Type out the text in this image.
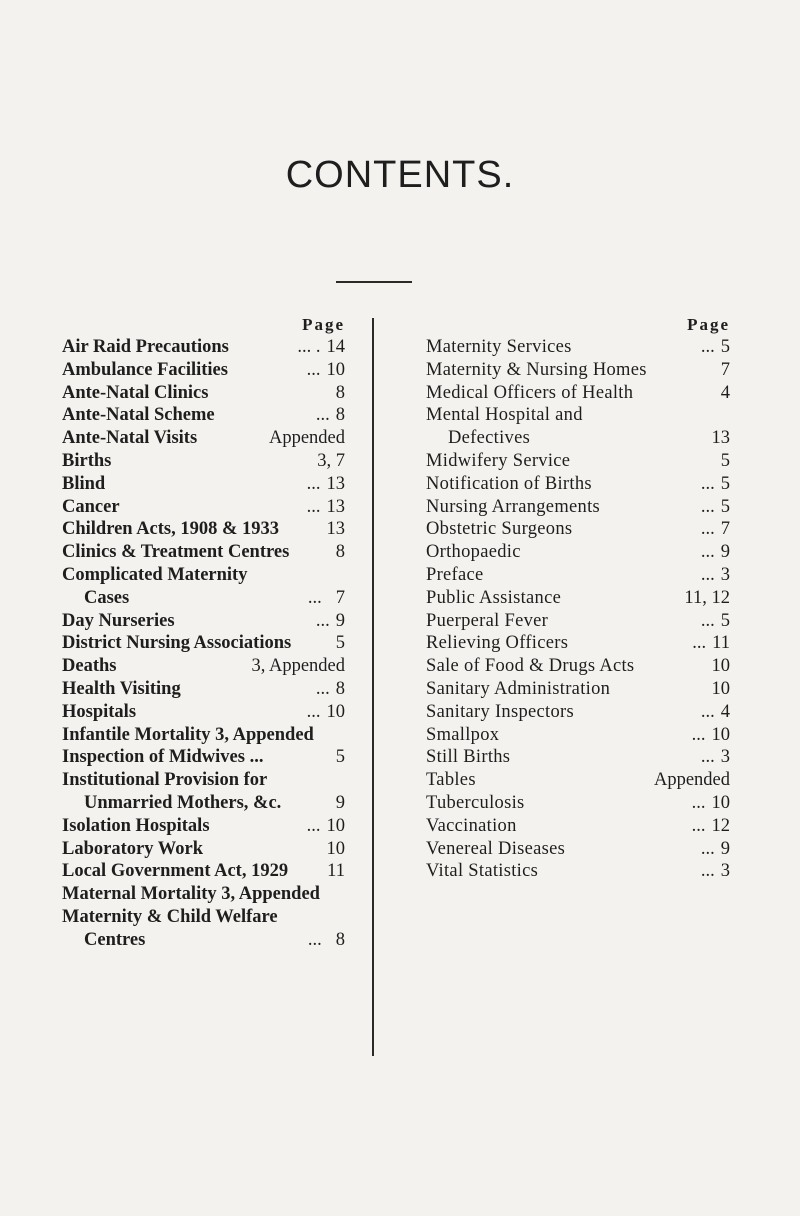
CONTENTS.
Page
Air Raid Precautions	... . 14
Ambulance Facilities	... 10
Ante-Natal Clinics	8
Ante-Natal Scheme	... 8
Ante-Natal Visits	Appended
Births	3, 7
Blind	... 13
Cancer	... 13
Children Acts, 1908 & 1933	13
Clinics & Treatment Centres	8
Complicated Maternity
Cases	... 7
Day Nurseries	... 9
District Nursing Associations 5
Deaths	3, Appended
Health Visiting	... 8
Hospitals	... 10
Infantile Mortality 3, Appended
Inspection of Midwives ...	5
Institutional Provision for
Unmarried Mothers, &c.	9
Isolation Hospitals	... 10
Laboratory Work	10
Local Government Act, 1929 11
Maternal Mortality 3, Appended
Maternity & Child Welfare
Centres	... 8
Page
Maternity Services	... 5
Maternity & Nursing Homes	7
Medical Officers of Health	4
Mental Hospital and
Defectives	13
Midwifery Service	5
Notification of Births	... 5
Nursing Arrangements	... 5
Obstetric Surgeons	... 7
Orthopaedic	... 9
Preface	... 3
Public Assistance	11, 12
Puerperal Fever	... 5
Relieving Officers	... 11
Sale of Food & Drugs Acts	10
Sanitary Administration	10
Sanitary Inspectors	... 4
Smallpox	... 10
Still Births	... 3
Tables	Appended
Tuberculosis	... 10
Vaccination	... 12
Venereal Diseases	... 9
Vital Statistics	... 3
